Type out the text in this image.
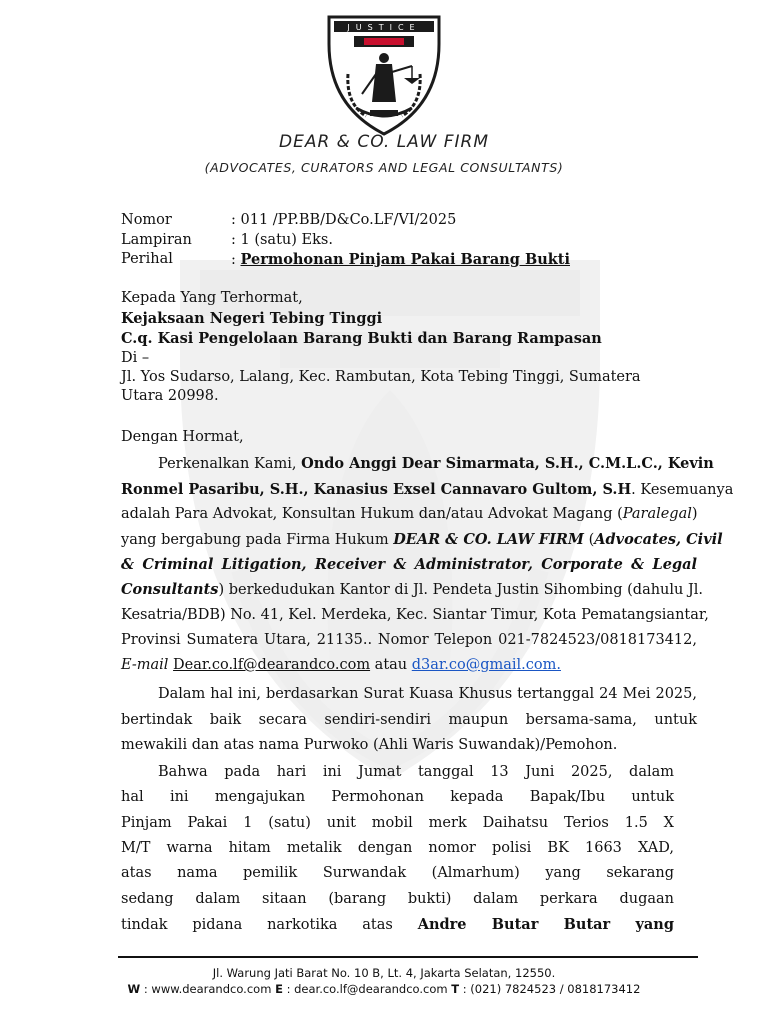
JUSTICE
DEAR & CO. LAW FIRM
(ADVOCATES, CURATORS AND LEGAL CONSULTANTS)
Nomor	: 011 /PP.BB/D&Co.LF/VI/2025
Lampiran	: 1 (satu) Eks.
Perihal	: Permohonan Pinjam Pakai Barang Bukti
Kepada Yang Terhormat,
Kejaksaan Negeri Tebing Tinggi
C.q. Kasi Pengelolaan Barang Bukti dan Barang Rampasan
Di –
Jl. Yos Sudarso, Lalang, Kec. Rambutan, Kota Tebing Tinggi, Sumatera
Utara 20998.
Dengan Hormat,
Perkenalkan Kami, Ondo Anggi Dear Simarmata, S.H., C.M.L.C., Kevin
Ronmel Pasaribu, S.H., Kanasius Exsel Cannavaro Gultom, S.H. Kesemuanya
adalah Para Advokat, Konsultan Hukum dan/atau Advokat Magang (Paralegal)
yang bergabung pada Firma Hukum DEAR & CO. LAW FIRM (Advocates, Civil
& Criminal Litigation, Receiver & Administrator, Corporate & Legal
Consultants) berkedudukan Kantor di Jl. Pendeta Justin Sihombing (dahulu Jl.
Kesatria/BDB) No. 41, Kel. Merdeka, Kec. Siantar Timur, Kota Pematangsiantar,
Provinsi Sumatera Utara, 21135.. Nomor Telepon 021-7824523/0818173412,
E-mail Dear.co.lf@dearandco.com atau d3ar.co@gmail.com.
Dalam hal ini, berdasarkan Surat Kuasa Khusus tertanggal 24 Mei 2025,
bertindak baik secara sendiri-sendiri maupun bersama-sama, untuk
mewakili dan atas nama Purwoko (Ahli Waris Suwandak)/Pemohon.
Bahwa pada hari ini Jumat tanggal 13 Juni 2025, dalam
hal ini mengajukan Permohonan kepada Bapak/Ibu untuk
Pinjam Pakai 1 (satu) unit mobil merk Daihatsu Terios 1.5 X
M/T warna hitam metalik dengan nomor polisi BK 1663 XAD,
atas nama pemilik Surwandak (Almarhum) yang sekarang
sedang dalam sitaan (barang bukti) dalam perkara dugaan
tindak pidana narkotika atas Andre Butar Butar yang
Jl. Warung Jati Barat No. 10 B, Lt. 4, Jakarta Selatan, 12550.
W : www.dearandco.com E : dear.co.lf@dearandco.com T : (021) 7824523 / 0818173412
